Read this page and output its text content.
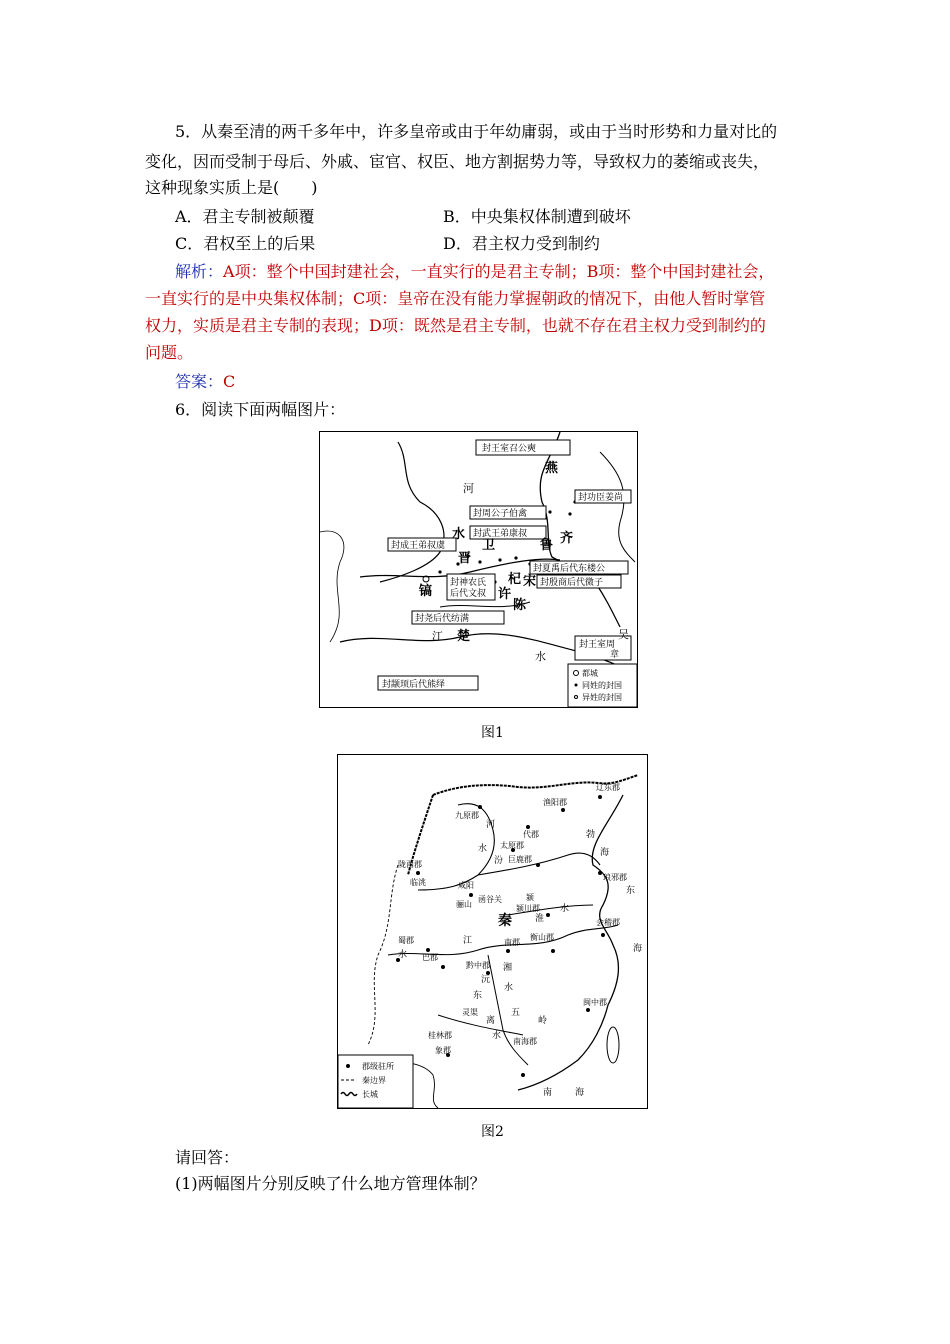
5．从秦至清的两千多年中，许多皇帝或由于年幼庸弱，或由于当时形势和力量对比的
变化，因而受制于母后、外戚、宦官、权臣、地方割据势力等，导致权力的萎缩或丧失，
这种现象实质上是(　　)
A．君主专制被颠覆	B．中央集权体制遭到破坏
C．君权至上的后果	D．君主权力受到制约
解析：A项：整个中国封建社会，一直实行的是君主专制；B项：整个中国封建社会，
一直实行的是中央集权体制；C项：皇帝在没有能力掌握朝政的情况下，由他人暂时掌管
权力，实质是君主专制的表现；D项：既然是君主专制，也就不存在君主权力受到制约的
问题。
答案：C
6．阅读下面两幅图片：
封王室召公奭
封功臣姜尚
封周公子伯禽
封武王弟康叔
封成王弟叔虞
封夏禹后代东楼公
封神农氏
后代文叔
封殷商后代微子
封尧后代纺满
封王室周
章
封颛顼后代熊绎
燕
河
水
晋
卫	鲁 齐
杞 宋
镐	许
陈
江 楚	吴
水
都城
同姓的封国
异姓的封国
图1
辽东郡
渔阳郡
九原郡
河
代郡	勃
太原郡
汾
水
巨鹿郡
海
琅邪郡
陇西郡
咸阳
东
临洮
骊山
函谷关
颍川郡
颍
淮
水
会稽郡
江
蜀郡	南郡
衡山郡
海
巴郡
水
黔中郡 湘
沅
水
东
灵渠	五
离	岭
闽中郡
桂林郡	水
南海郡
象郡
南	海
秦
郡级驻所
秦边界
长城
图2
请回答：
(1)两幅图片分别反映了什么地方管理体制？
